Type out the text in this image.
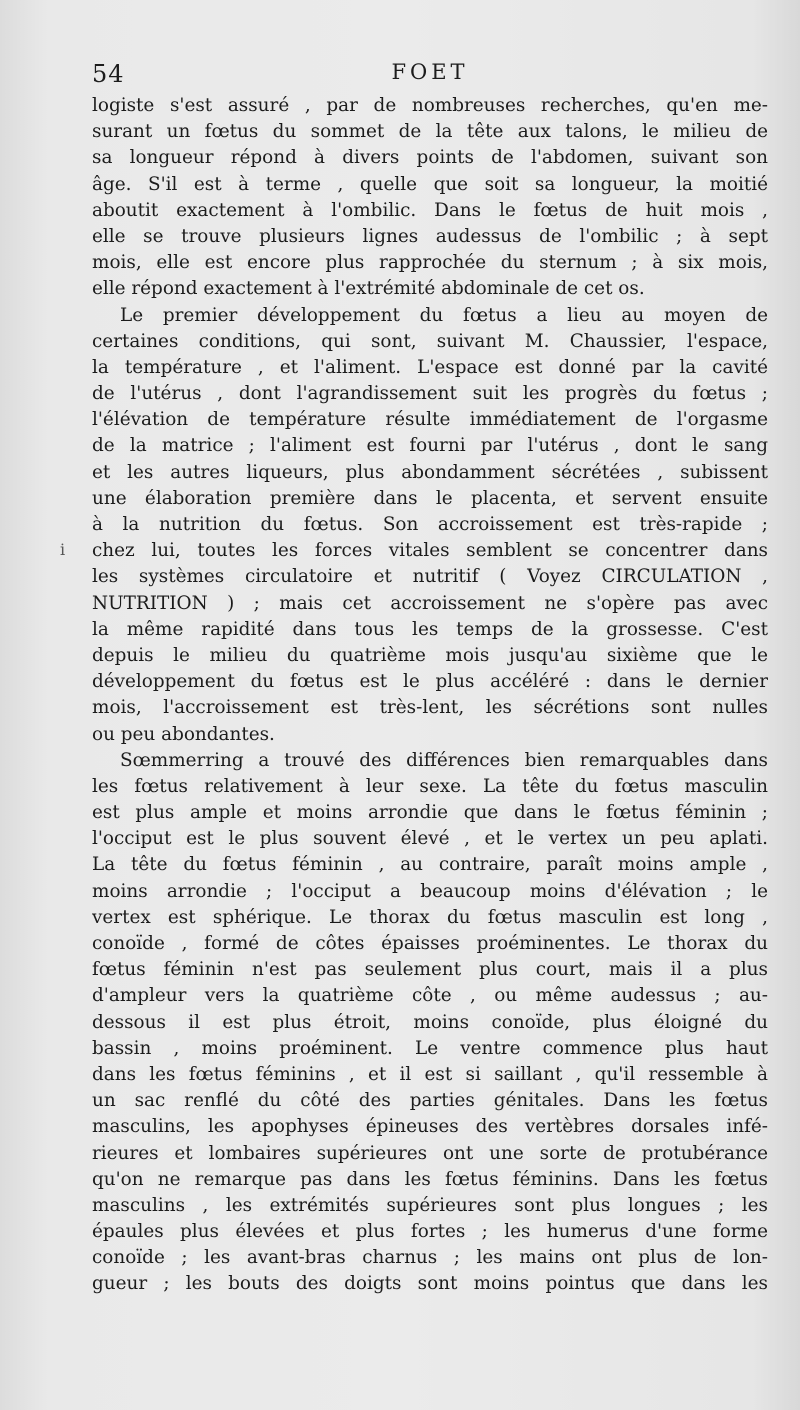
54	FOET
i
logiste s'est assuré , par de nombreuses recherches, qu'en me-
surant un fœtus du sommet de la tête aux talons, le milieu de
sa longueur répond à divers points de l'abdomen, suivant son
âge. S'il est à terme , quelle que soit sa longueur, la moitié
aboutit exactement à l'ombilic. Dans le fœtus de huit mois ,
elle se trouve plusieurs lignes audessus de l'ombilic ; à sept
mois, elle est encore plus rapprochée du sternum ; à six mois,
elle répond exactement à l'extrémité abdominale de cet os.
Le premier développement du fœtus a lieu au moyen de
certaines conditions, qui sont, suivant M. Chaussier, l'espace,
la température , et l'aliment. L'espace est donné par la cavité
de l'utérus , dont l'agrandissement suit les progrès du fœtus ;
l'élévation de température résulte immédiatement de l'orgasme
de la matrice ; l'aliment est fourni par l'utérus , dont le sang
et les autres liqueurs, plus abondamment sécrétées , subissent
une élaboration première dans le placenta, et servent ensuite
à la nutrition du fœtus. Son accroissement est très-rapide ;
chez lui, toutes les forces vitales semblent se concentrer dans
les systèmes circulatoire et nutritif ( Voyez CIRCULATION ,
NUTRITION ) ; mais cet accroissement ne s'opère pas avec
la même rapidité dans tous les temps de la grossesse. C'est
depuis le milieu du quatrième mois jusqu'au sixième que le
développement du fœtus est le plus accéléré : dans le dernier
mois, l'accroissement est très-lent, les sécrétions sont nulles
ou peu abondantes.
Sœmmerring a trouvé des différences bien remarquables dans
les fœtus relativement à leur sexe. La tête du fœtus masculin
est plus ample et moins arrondie que dans le fœtus féminin ;
l'occiput est le plus souvent élevé , et le vertex un peu aplati.
La tête du fœtus féminin , au contraire, paraît moins ample ,
moins arrondie ; l'occiput a beaucoup moins d'élévation ; le
vertex est sphérique. Le thorax du fœtus masculin est long ,
conoïde , formé de côtes épaisses proéminentes. Le thorax du
fœtus féminin n'est pas seulement plus court, mais il a plus
d'ampleur vers la quatrième côte , ou même audessus ; au-
dessous il est plus étroit, moins conoïde, plus éloigné du
bassin , moins proéminent. Le ventre commence plus haut
dans les fœtus féminins , et il est si saillant , qu'il ressemble à
un sac renflé du côté des parties génitales. Dans les fœtus
masculins, les apophyses épineuses des vertèbres dorsales infé-
rieures et lombaires supérieures ont une sorte de protubérance
qu'on ne remarque pas dans les fœtus féminins. Dans les fœtus
masculins , les extrémités supérieures sont plus longues ; les
épaules plus élevées et plus fortes ; les humerus d'une forme
conoïde ; les avant-bras charnus ; les mains ont plus de lon-
gueur ; les bouts des doigts sont moins pointus que dans les
